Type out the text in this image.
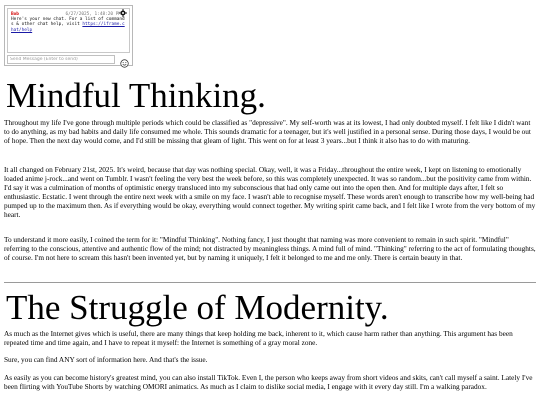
Bob	6/27/2025, 1:48:20 PM
Here's your new chat. For a list of commands & other chat help, visit https://iframe.chat/help
Send Message (Enter to send)
Mindful Thinking.

Throughout my life I've gone through multiple periods which could be classified as "depressive". My self-worth was at its lowest, I had only doubted myself. I felt like I didn't want to do anything, as my bad habits and daily life consumed me whole. This sounds dramatic for a teenager, but it's well justified in a personal sense. During those days, I would be out of hope. Then the next day would come, and I'd still be missing that gleam of light. This went on for at least 3 years...but I think it also has to do with maturing.

It all changed on February 21st, 2025. It's weird, because that day was nothing special. Okay, well, it was a Friday...throughout the entire week, I kept on listening to emotionally loaded anime j-rock...and went on Tumblr. I wasn't feeling the very best the week before, so this was completely unexpected. It was so random...but the positivity came from within. I'd say it was a culmination of months of optimistic energy transluced into my subconscious that had only came out into the open then. And for multiple days after, I felt so enthusiastic. Ecstatic. I went through the entire next week with a smile on my face. I wasn't able to recognise myself. These words aren't enough to transcribe how my well-being had pumped up to the maximum then. As if everything would be okay, everything would connect together. My writing spirit came back, and I felt like I wrote from the very bottom of my heart.

To understand it more easily, I coined the term for it: "Mindful Thinking". Nothing fancy, I just thought that naming was more convenient to remain in such spirit. "Mindful" referring to the conscious, attentive and authentic flow of the mind; not distracted by meaningless things. A mind full of mind. "Thinking" referring to the act of formulating thoughts, of course. I'm not here to scream this hasn't been invented yet, but by naming it uniquely, I felt it belonged to me and me only. There is certain beauty in that.

The Struggle of Modernity.

As much as the Internet gives which is useful, there are many things that keep holding me back, inherent to it, which cause harm rather than anything. This argument has been repeated time and time again, and I have to repeat it myself: the Internet is something of a gray moral zone.

Sure, you can find ANY sort of information here. And that's the issue.

As easily as you can become history's greatest mind, you can also install TikTok. Even I, the person who keeps away from short videos and skits, can't call myself a saint. Lately I've been flirting with YouTube Shorts by watching OMORI animatics. As much as I claim to dislike social media, I engage with it every day still. I'm a walking paradox.
